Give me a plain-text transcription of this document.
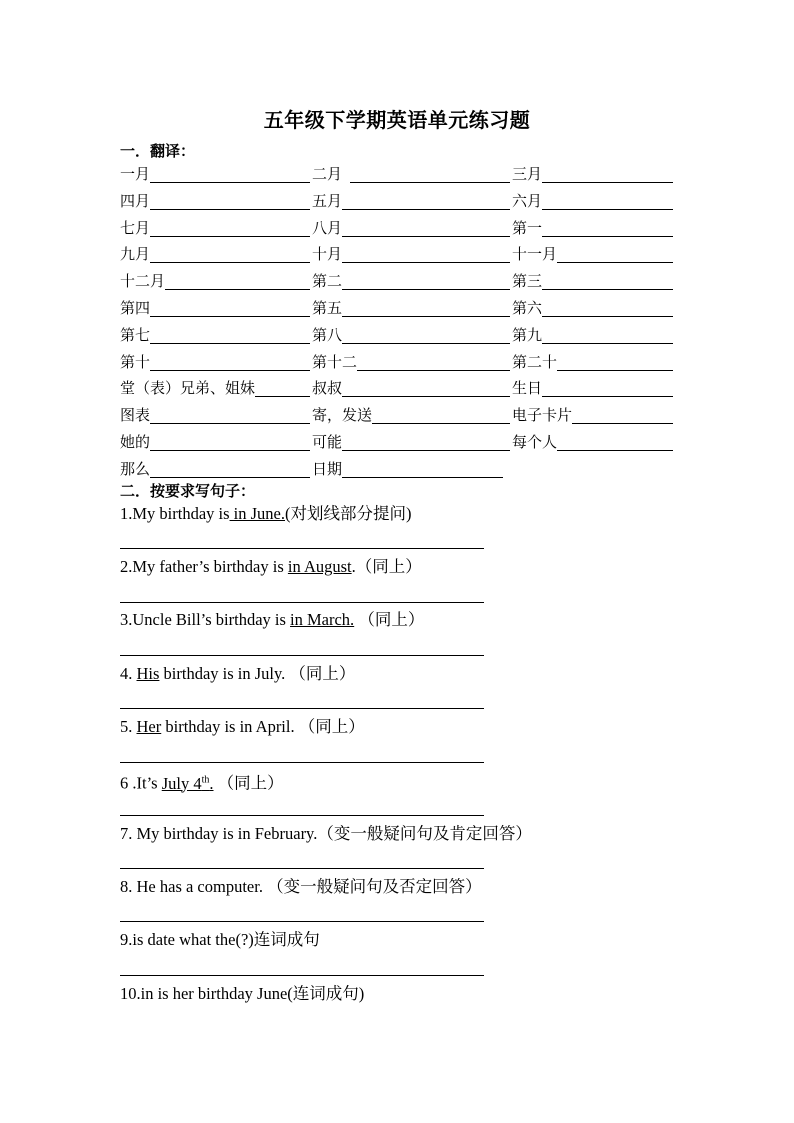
五年级下学期英语单元练习题
一．翻译：
一月	二月	三月
四月	五月	六月
七月	八月	第一
九月	十月	十一月
十二月	第二	第三
第四	第五	第六
第七	第八	第九
第十	第十二	第二十
堂（表）兄弟、姐妹	叔叔	生日
图表	寄，发送	电子卡片
她的	可能	每个人
那么	日期
二．按要求写句子：
1.My birthday is in June.(对划线部分提问)
2.My father’s birthday is in August.（同上）
3.Uncle Bill’s birthday is in March. （同上）
4. His birthday is in July. （同上）
5. Her birthday is in April. （同上）
6 .It’s July 4th. （同上）
7. My birthday is in February.（变一般疑问句及肯定回答）
8. He has a computer. （变一般疑问句及否定回答）
9.is date what the(?)连词成句
10.in is her birthday June(连词成句)
